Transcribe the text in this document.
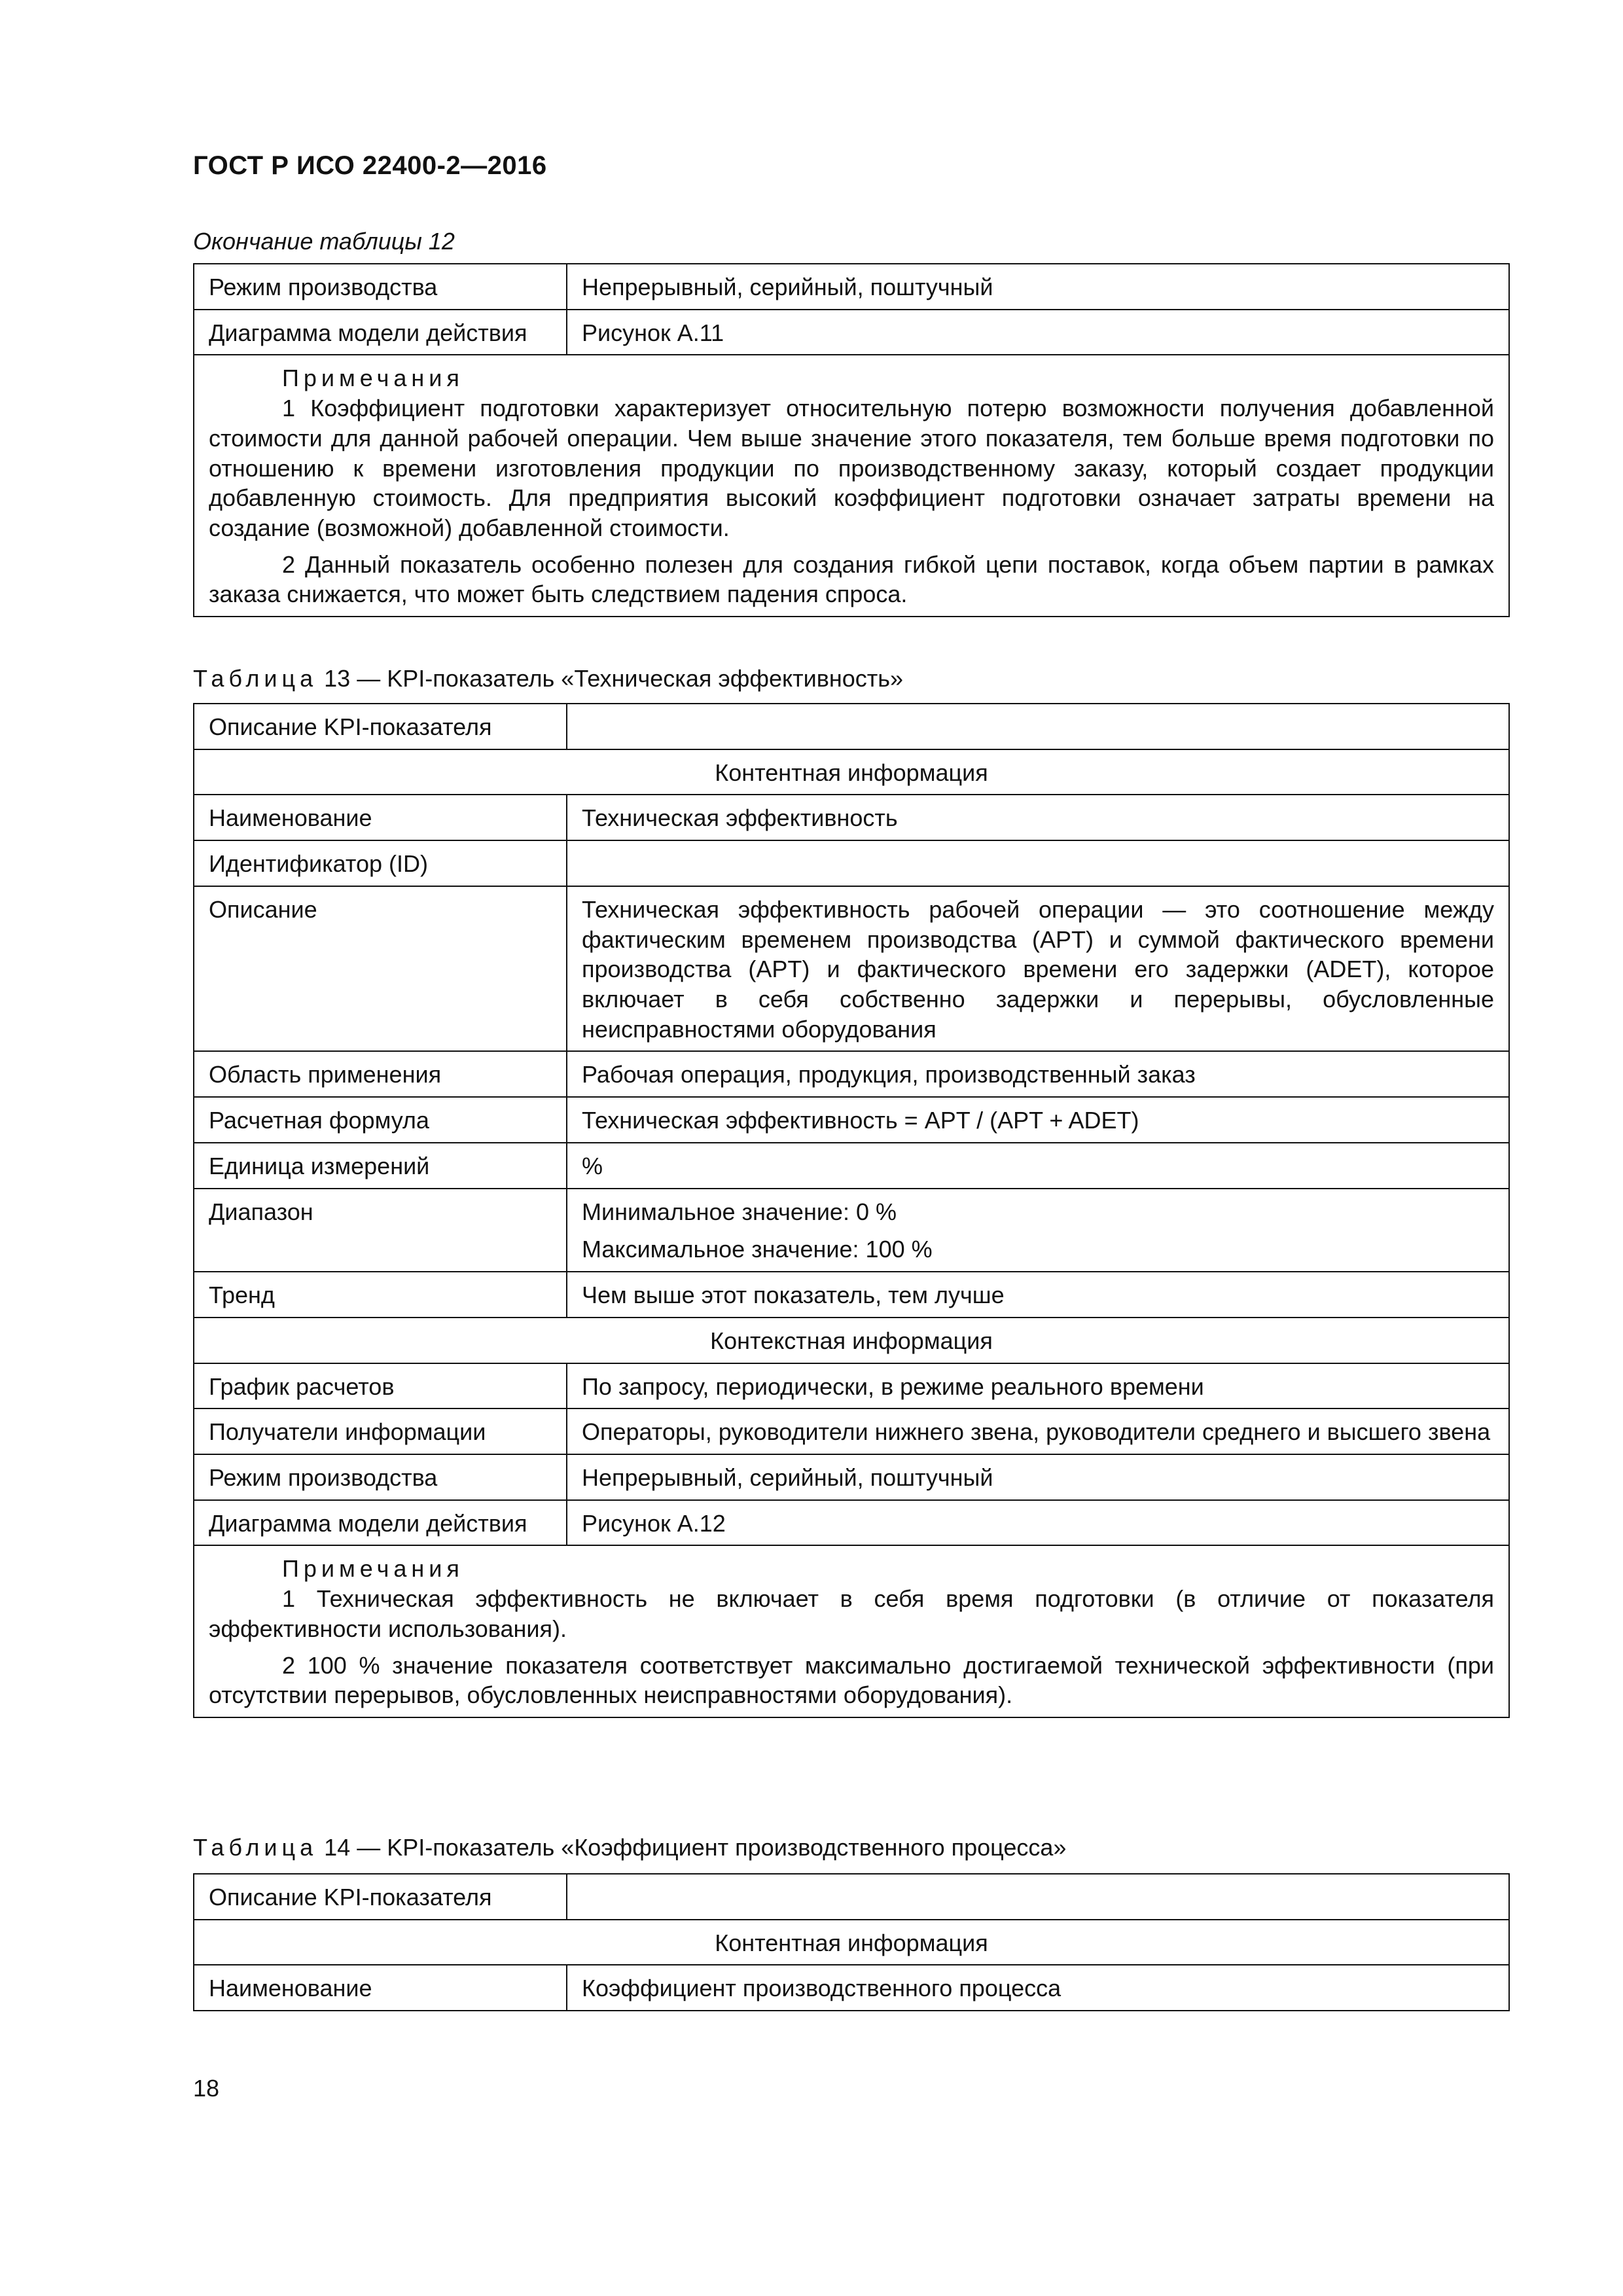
ГОСТ Р ИСО 22400-2—2016
Окончание таблицы 12
Режим производства	Непрерывный, серийный, поштучный
Диаграмма модели действия	Рисунок А.11

Примечания

1 Коэффициент подготовки характеризует относительную потерю возможности получения добавленной стоимости для данной рабочей операции. Чем выше значение этого показателя, тем больше время подготовки по отношению к времени изготовления продукции по производственному заказу, который создает продукции добавленную стоимость. Для предприятия высокий коэффициент подготовки означает затраты времени на создание (возможной) добавленной стоимости.

2 Данный показатель особенно полезен для создания гибкой цепи поставок, когда объем партии в рамках заказа снижается, что может быть следствием падения спроса.	

Таблица 13 — KPI-показатель «Техническая эффективность»
Описание KPI-показателя	
Контентная информация	
Наименование	Техническая эффективность
Идентификатор (ID)	
Описание	Техническая эффективность рабочей операции — это соотношение между фактическим временем производства (APT) и суммой фактического времени производства (APT) и фактического времени его задержки (ADET), которое включает в себя собственно задержки и перерывы, обусловленные неисправностями оборудования
Область применения	Рабочая операция, продукция, производственный заказ
Расчетная формула	Техническая эффективность = APT / (APT + ADET)
Единица измерений	%
Диапазон	Минимальное значение: 0 %
Максимальное значение: 100 %

Тренд	Чем выше этот показатель, тем лучше
Контекстная информация	
График расчетов	По запросу, периодически, в режиме реального времени
Получатели информации	Операторы, руководители нижнего звена, руководители среднего и высшего звена
Режим производства	Непрерывный, серийный, поштучный
Диаграмма модели действия	Рисунок А.12

Примечания

1 Техническая эффективность не включает в себя время подготовки (в отличие от показателя эффективности использования).

2 100 % значение показателя соответствует максимально достигаемой технической эффективности (при отсутствии перерывов, обусловленных неисправностями оборудования).	

Таблица 14 — KPI-показатель «Коэффициент производственного процесса»
Описание KPI-показателя	
Контентная информация	
Наименование	Коэффициент производственного процесса
18
